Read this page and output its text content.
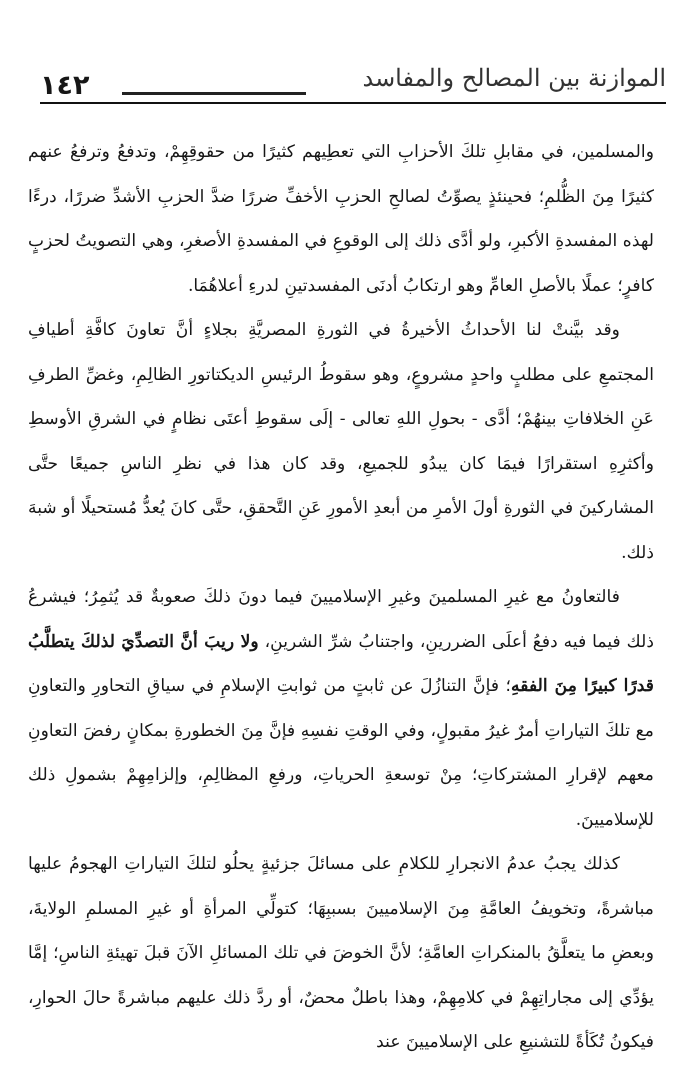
١٤٢	الموازنة بين المصالح والمفاسد

والمسلمين، في مقابلِ تلكَ الأحزابِ التي تعطِيهم كثيرًا من حقوقِهِمْ، وتدفعُ وترفعُ عنهم كثيرًا مِنَ الظُّلمِ؛ فحينئذٍ يصوِّتُ لصالحِ الحزبِ الأخفِّ ضررًا ضدَّ الحزبِ الأشدِّ ضررًا، درءًا لهذه المفسدةِ الأكبرِ، ولو أدَّى ذلك إلى الوقوعِ في المفسدةِ الأصغرِ، وهي التصويتُ لحزبٍ كافرٍ؛ عملًا بالأصلِ العامِّ وهو ارتكابُ أدنَى المفسدتينِ لدرءِ أعلاهُمَا.

وقد بيَّنتْ لنا الأحداثُ الأخيرةُ في الثورةِ المصريَّةِ بجلاءٍ أنَّ تعاونَ كافَّةِ أطيافِ المجتمعِ على مطلبٍ واحدٍ مشروعٍ، وهو سقوطُ الرئيسِ الديكتاتورِ الظالِمِ، وغضِّ الطرفِ عَنِ الخلافاتِ بينهُمْ؛ أدَّى - بحولِ اللهِ تعالى - إلَى سقوطِ أعتَى نظامٍ في الشرقِ الأوسطِ وأكثرِهِ استقرارًا فيمَا كان يبدُو للجميعِ، وقد كان هذا في نظرِ الناسِ جميعًا حتَّى المشاركينَ في الثورةِ أولَ الأمرِ من أبعدِ الأمورِ عَنِ التَّحققِ، حتَّى كانَ يُعدُّ مُستحيلًا أو شبهَ ذلك.

فالتعاونُ مع غيرِ المسلمينَ وغيرِ الإسلاميينَ فيما دونَ ذلكَ صعوبةٌ قد يُثمِرُ؛ فيشرعُ ذلك فيما فيه دفعُ أعلَى الضررينِ، واجتنابُ شرِّ الشرينِ، ولا ريبَ أنَّ التصدِّيَ لذلكَ يتطلَّبُ قدرًا كبيرًا مِنَ الفقهِ؛ فإنَّ التنازُلَ عن ثابتٍ من ثوابتِ الإسلامِ في سياقِ التحاورِ والتعاونِ مع تلكَ التياراتِ أمرٌ غيرُ مقبولٍ، وفي الوقتِ نفسِهِ فإنَّ مِنَ الخطورةِ بمكانٍ رفضَ التعاونِ معهم لإقرارِ المشتركاتِ؛ مِنْ توسعةِ الحرياتِ، ورفعِ المظالِمِ، وإلزامِهِمْ بشمولِ ذلك للإسلاميينَ.

كذلك يجبُ عدمُ الانجرارِ للكلامِ على مسائلَ جزئيةٍ يحلُو لتلكَ التياراتِ الهجومُ عليها مباشرةً، وتخويفُ العامَّةِ مِنَ الإسلاميينَ بسببِهَا؛ كتولِّي المرأةِ أو غيرِ المسلمِ الولايةَ، وبعضِ ما يتعلَّقُ بالمنكراتِ العامَّةِ؛ لأنَّ الخوضَ في تلك المسائلِ الآنَ قبلَ تهيئةِ الناسِ؛ إمَّا يؤدِّي إلى مجاراتِهِمْ في كلامِهِمْ، وهذا باطلٌ محضٌ، أو ردَّ ذلك عليهم مباشرةً حالَ الحوارِ، فيكونُ تُكَأةً للتشنيعِ على الإسلاميينَ عند
